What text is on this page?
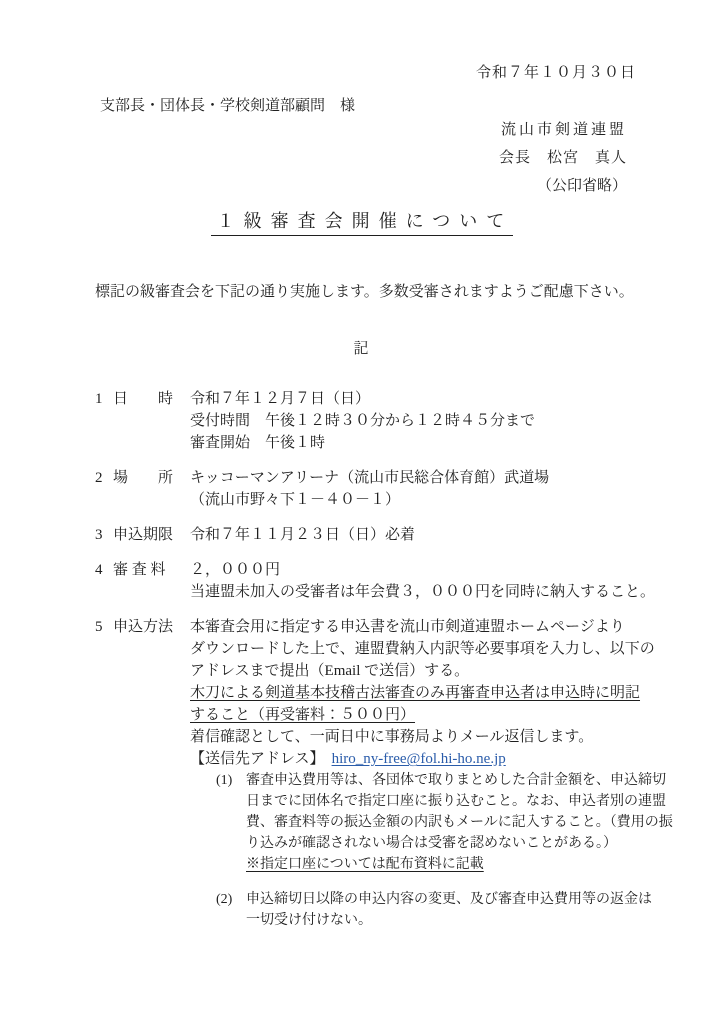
令和７年１０月３０日
支部長・団体長・学校剣道部顧問　様
流山市剣道連盟
会長　松宮　真人
（公印省略）
１級審査会開催について

標記の級審査会を下記の通り実施します。多数受審されますようご配慮下さい。

記
1 日　　時	令和７年１２月７日（日）
受付時間　午後１２時３０分から１２時４５分まで
審査開始　午後１時
2 場　　所	キッコーマンアリーナ（流山市民総合体育館）武道場
（流山市野々下１－４０－１）
3 申込期限	令和７年１１月２３日（日）必着
4 審 査 料	２，０００円
当連盟未加入の受審者は年会費３，０００円を同時に納入すること。
5 申込方法	本審査会用に指定する申込書を流山市剣道連盟ホームページより
ダウンロードした上で、連盟費納入内訳等必要事項を入力し、以下の
アドレスまで提出（Email で送信）する。
木刀による剣道基本技稽古法審査のみ再審査申込者は申込時に明記
すること（再受審料：５００円）
着信確認として、一両日中に事務局よりメール返信します。
【送信先アドレス】 hiro_ny-free@fol.hi-ho.ne.jp
(1) 審査申込費用等は、各団体で取りまとめした合計金額を、申込締切
日までに団体名で指定口座に振り込むこと。なお、申込者別の連盟
費、審査料等の振込金額の内訳もメールに記入すること。（費用の振
り込みが確認されない場合は受審を認めないことがある。）
※指定口座については配布資料に記載
(2) 申込締切日以降の申込内容の変更、及び審査申込費用等の返金は
一切受け付けない。
